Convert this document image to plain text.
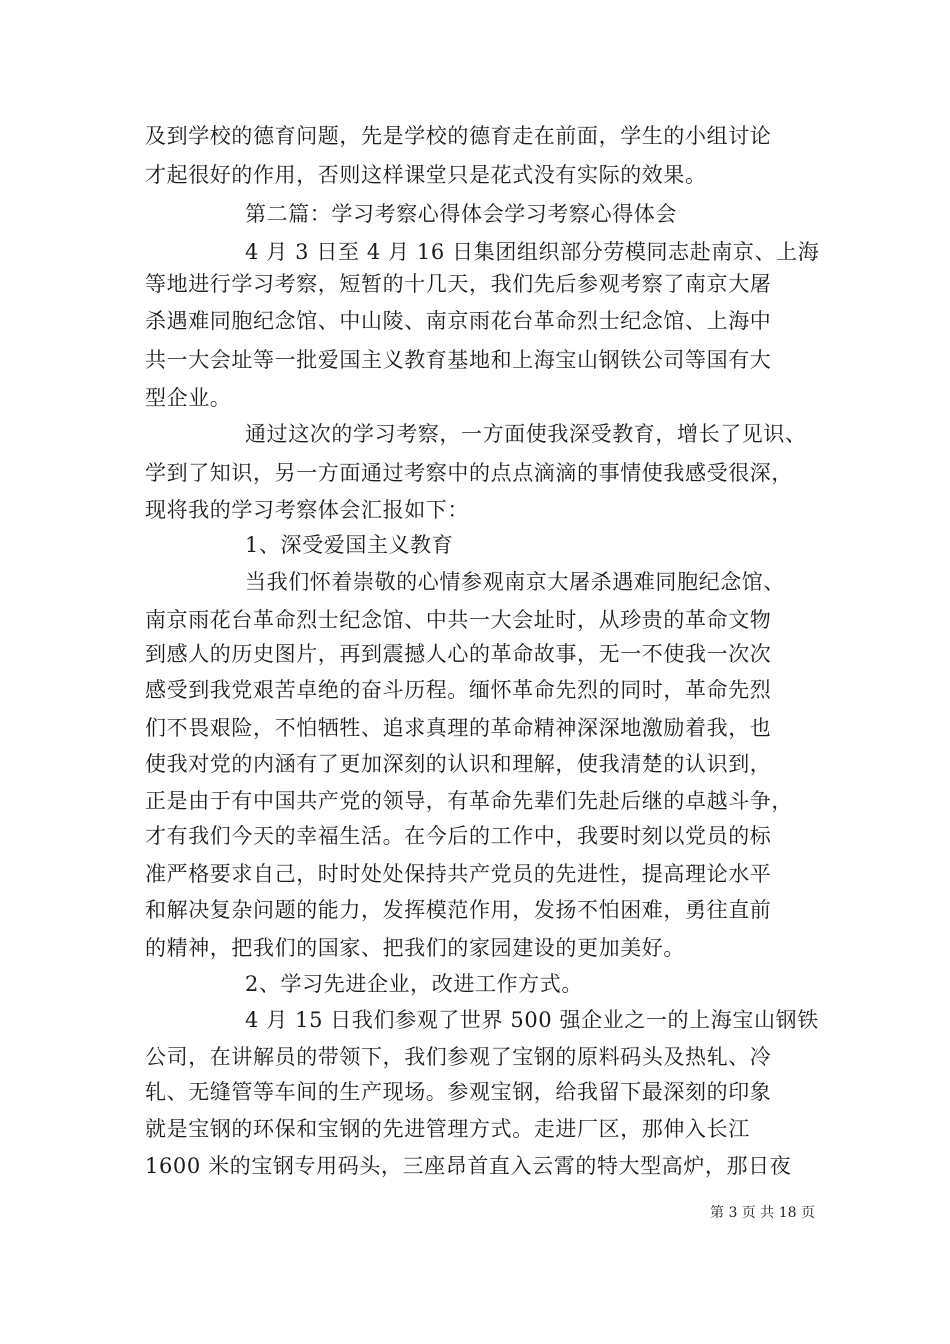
及到学校的德育问题，先是学校的德育走在前面，学生的小组讨论
才起很好的作用，否则这样课堂只是花式没有实际的效果。
第二篇：学习考察心得体会学习考察心得体会
4 月 3 日至 4 月 16 日集团组织部分劳模同志赴南京、上海
等地进行学习考察，短暂的十几天，我们先后参观考察了南京大屠
杀遇难同胞纪念馆、中山陵、南京雨花台革命烈士纪念馆、上海中
共一大会址等一批爱国主义教育基地和上海宝山钢铁公司等国有大
型企业。
通过这次的学习考察，一方面使我深受教育，增长了见识、
学到了知识，另一方面通过考察中的点点滴滴的事情使我感受很深，
现将我的学习考察体会汇报如下：
1、深受爱国主义教育
当我们怀着崇敬的心情参观南京大屠杀遇难同胞纪念馆、
南京雨花台革命烈士纪念馆、中共一大会址时，从珍贵的革命文物
到感人的历史图片，再到震撼人心的革命故事，无一不使我一次次
感受到我党艰苦卓绝的奋斗历程。缅怀革命先烈的同时，革命先烈
们不畏艰险，不怕牺牲、追求真理的革命精神深深地激励着我，也
使我对党的内涵有了更加深刻的认识和理解，使我清楚的认识到，
正是由于有中国共产党的领导，有革命先辈们先赴后继的卓越斗争，
才有我们今天的幸福生活。在今后的工作中，我要时刻以党员的标
准严格要求自己，时时处处保持共产党员的先进性，提高理论水平
和解决复杂问题的能力，发挥模范作用，发扬不怕困难，勇往直前
的精神，把我们的国家、把我们的家园建设的更加美好。
2、学习先进企业，改进工作方式。
4 月 15 日我们参观了世界 500 强企业之一的上海宝山钢铁
公司，在讲解员的带领下，我们参观了宝钢的原料码头及热轧、冷
轧、无缝管等车间的生产现场。参观宝钢，给我留下最深刻的印象
就是宝钢的环保和宝钢的先进管理方式。走进厂区，那伸入长江
1600 米的宝钢专用码头，三座昂首直入云霄的特大型高炉，那日夜
第 3 页 共 18 页
